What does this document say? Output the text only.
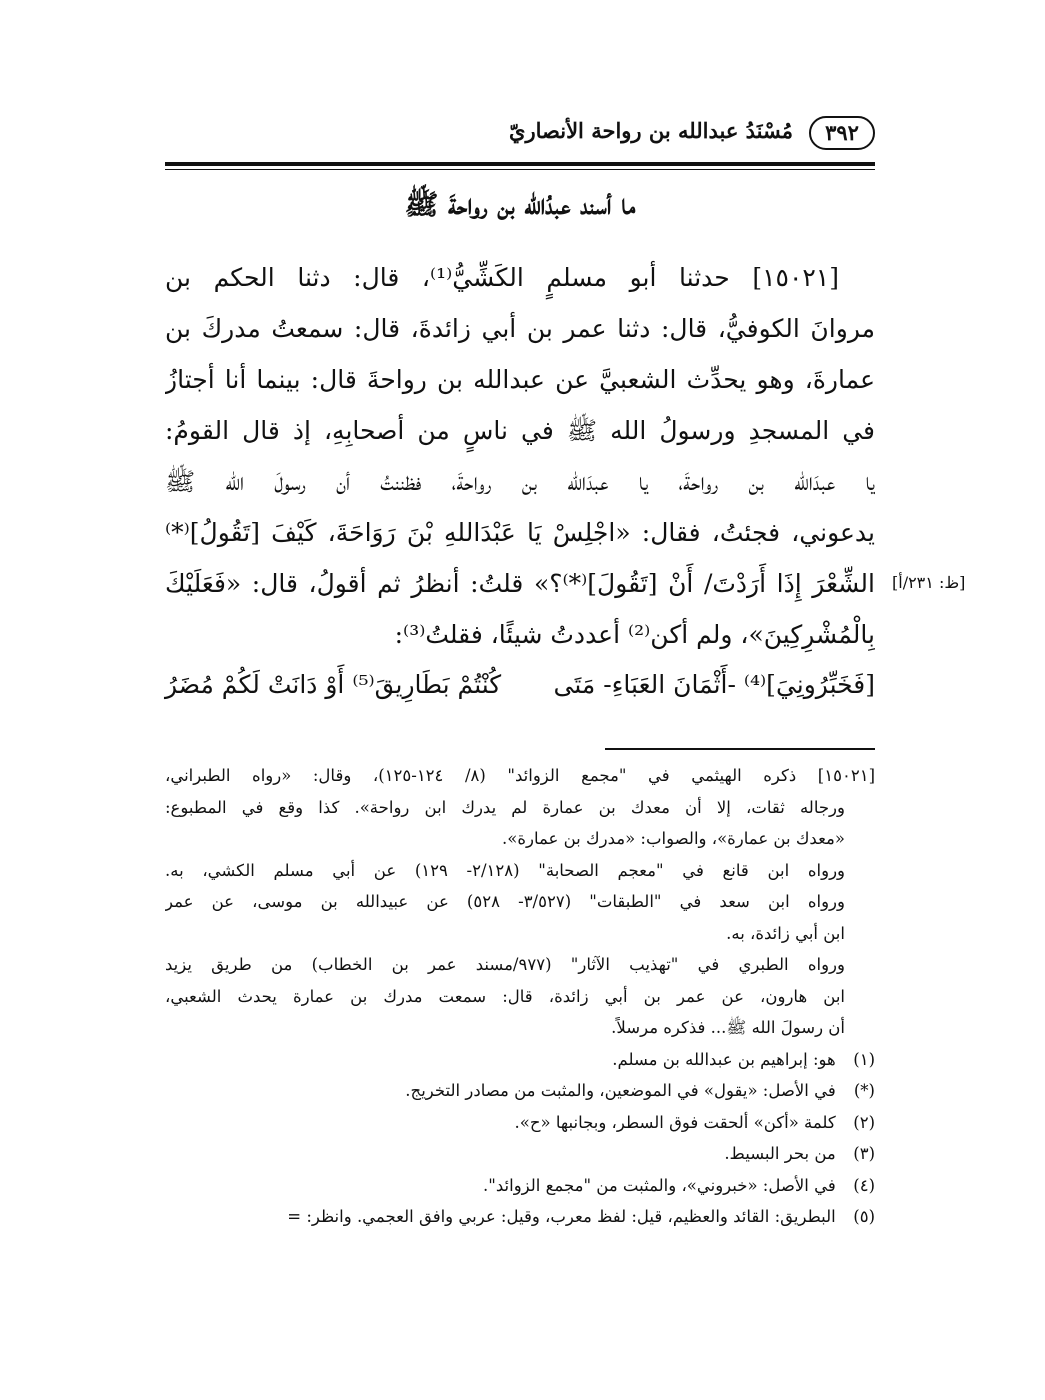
٣٩٢
مُسْنَدُ عبدالله بن رواحة الأنصاريّ
ما أسند عبدُالله بن رواحةَ ﷺ
[١٥٠٢١] حدثنا أبو مسلمٍ الكَشِّيُّ⁽¹⁾، قال: دثنا الحكم بن
مروانَ الكوفيُّ، قال: دثنا عمر بن أبي زائدةَ، قال: سمعتُ مدركَ بن
عمارةَ، وهو يحدِّث الشعبيَّ عن عبدالله بن رواحةَ قال: بينما أنا أجتازُ
في المسجدِ ورسولُ الله ﷺ في ناسٍ من أصحابِهِ، إذ قال القومُ:
يا عبدَالله بن رواحةَ، يا عبدَالله بن رواحةَ، فظننتُ أن رسولَ الله ﷺ
يدعوني، فجئتُ، فقال: «اجْلِسْ يَا عَبْدَاللهِ بْنَ رَوَاحَةَ، كَيْفَ [تَقُولُ]⁽*⁾
الشِّعْرَ إِذَا أَرَدْتَ/ أَنْ [تَقُولَ]⁽*⁾؟» قلتُ: أنظرُ ثم أقولُ، قال: «فَعَلَيْكَ
بِالْمُشْرِكِينَ»، ولم أكن⁽²⁾ أعددتُ شيئًا، فقلتُ⁽³⁾:
[ظ: ٢٣١/أ]
[فَخَبِّرُونِيَ]⁽⁴⁾ -أَثْمَانَ العَبَاءِ- مَتَى
كُنْتُمْ بَطَارِيقَ⁽⁵⁾ أَوْ دَانَتْ لَكُمْ مُضَرُ
[١٥٠٢١] ذكره الهيثمي في "مجمع الزوائد" (٨/ ١٢٤-١٢٥)، وقال: «رواه الطبراني،
ورجاله ثقات، إلا أن معدك بن عمارة لم يدرك ابن رواحة». كذا وقع في المطبوع:
«معدك بن عمارة»، والصواب: «مدرك بن عمارة».
ورواه ابن قانع في "معجم الصحابة" (٢/١٢٨- ١٢٩) عن أبي مسلم الكشي، به.
ورواه ابن سعد في "الطبقات" (٣/٥٢٧- ٥٢٨) عن عبيدالله بن موسى، عن عمر
ابن أبي زائدة، به.
ورواه الطبري في "تهذيب الآثار" (٩٧٧/مسند عمر بن الخطاب) من طريق يزيد
ابن هارون، عن عمر بن أبي زائدة، قال: سمعت مدرك بن عمارة يحدث الشعبي،
أن رسولَ الله ﷺ... فذكره مرسلاً.
(١) هو: إبراهيم بن عبدالله بن مسلم.
(*) في الأصل: «يقول» في الموضعين، والمثبت من مصادر التخريج.
(٢) كلمة «أكن» ألحقت فوق السطر، وبجانبها «ح».
(٣) من بحر البسيط.
(٤) في الأصل: «خبروني»، والمثبت من "مجمع الزوائد".
(٥) البطريق: القائد والعظيم، قيل: لفظ معرب، وقيل: عربي وافق العجمي. وانظر: =
